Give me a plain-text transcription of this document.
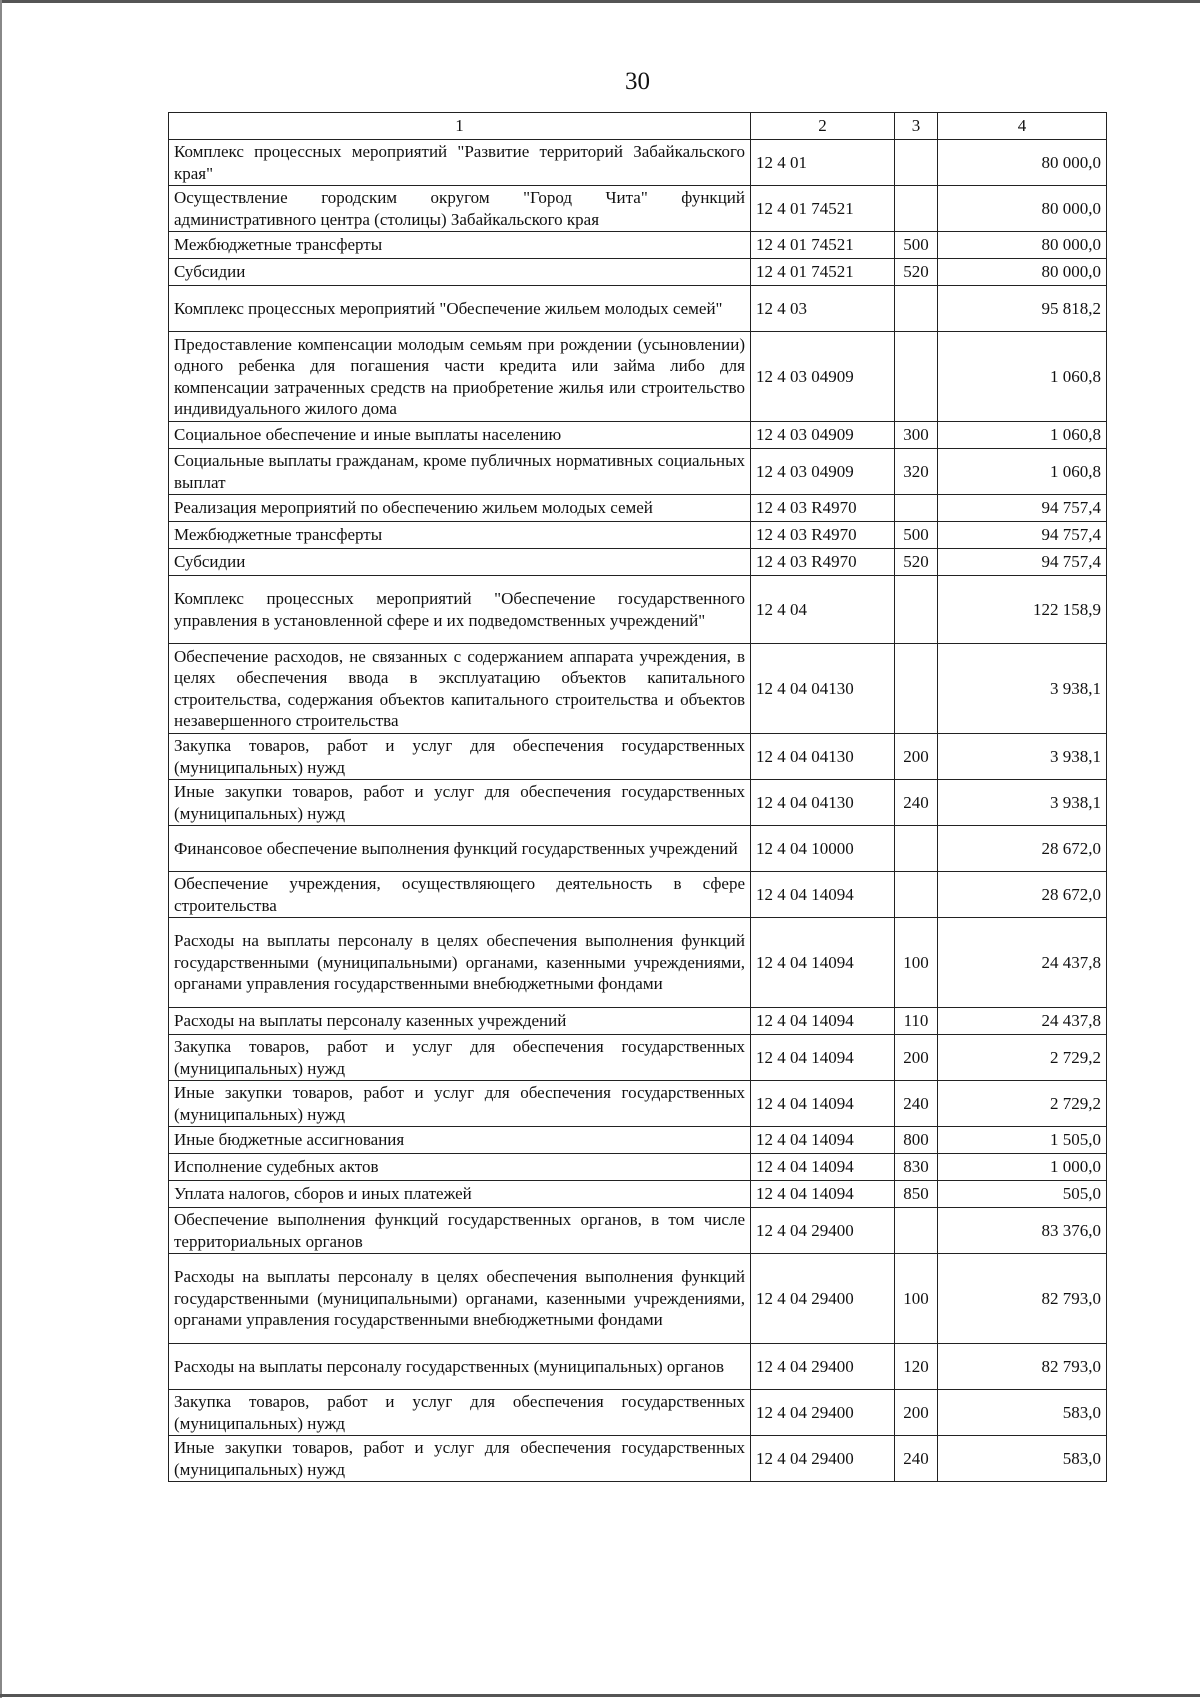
30
1	2	3	4
Комплекс процессных мероприятий "Развитие территорий Забайкальского края"	12 4 01		80 000,0
Осуществление городским округом "Город Чита" функций административного центра (столицы) Забайкальского края	12 4 01 74521		80 000,0
Межбюджетные трансферты	12 4 01 74521	500	80 000,0
Субсидии	12 4 01 74521	520	80 000,0
Комплекс процессных мероприятий "Обеспечение жильем молодых семей"	12 4 03		95 818,2
Предоставление компенсации молодым семьям при рождении (усыновлении) одного ребенка для погашения части кредита или займа либо для компенсации затраченных средств на приобретение жилья или строительство индивидуального жилого дома	12 4 03 04909		1 060,8
Социальное обеспечение и иные выплаты населению	12 4 03 04909	300	1 060,8
Социальные выплаты гражданам, кроме публичных нормативных социальных выплат	12 4 03 04909	320	1 060,8
Реализация мероприятий по обеспечению жильем молодых семей	12 4 03 R4970		94 757,4
Межбюджетные трансферты	12 4 03 R4970	500	94 757,4
Субсидии	12 4 03 R4970	520	94 757,4
Комплекс процессных мероприятий "Обеспечение государственного управления в установленной сфере и их подведомственных учреждений"	12 4 04		122 158,9
Обеспечение расходов, не связанных с содержанием аппарата учреждения, в целях обеспечения ввода в эксплуатацию объектов капитального строительства, содержания объектов капитального строительства и объектов незавершенного строительства	12 4 04 04130		3 938,1
Закупка товаров, работ и услуг для обеспечения государственных (муниципальных) нужд	12 4 04 04130	200	3 938,1
Иные закупки товаров, работ и услуг для обеспечения государственных (муниципальных) нужд	12 4 04 04130	240	3 938,1
Финансовое обеспечение выполнения функций государственных учреждений	12 4 04 10000		28 672,0
Обеспечение учреждения, осуществляющего деятельность в сфере строительства	12 4 04 14094		28 672,0
Расходы на выплаты персоналу в целях обеспечения выполнения функций государственными (муниципальными) органами, казенными учреждениями, органами управления государственными внебюджетными фондами	12 4 04 14094	100	24 437,8
Расходы на выплаты персоналу казенных учреждений	12 4 04 14094	110	24 437,8
Закупка товаров, работ и услуг для обеспечения государственных (муниципальных) нужд	12 4 04 14094	200	2 729,2
Иные закупки товаров, работ и услуг для обеспечения государственных (муниципальных) нужд	12 4 04 14094	240	2 729,2
Иные бюджетные ассигнования	12 4 04 14094	800	1 505,0
Исполнение судебных актов	12 4 04 14094	830	1 000,0
Уплата налогов, сборов и иных платежей	12 4 04 14094	850	505,0
Обеспечение выполнения функций государственных органов, в том числе территориальных органов	12 4 04 29400		83 376,0
Расходы на выплаты персоналу в целях обеспечения выполнения функций государственными (муниципальными) органами, казенными учреждениями, органами управления государственными внебюджетными фондами	12 4 04 29400	100	82 793,0
Расходы на выплаты персоналу государственных (муниципальных) органов	12 4 04 29400	120	82 793,0
Закупка товаров, работ и услуг для обеспечения государственных (муниципальных) нужд	12 4 04 29400	200	583,0
Иные закупки товаров, работ и услуг для обеспечения государственных (муниципальных) нужд	12 4 04 29400	240	583,0
